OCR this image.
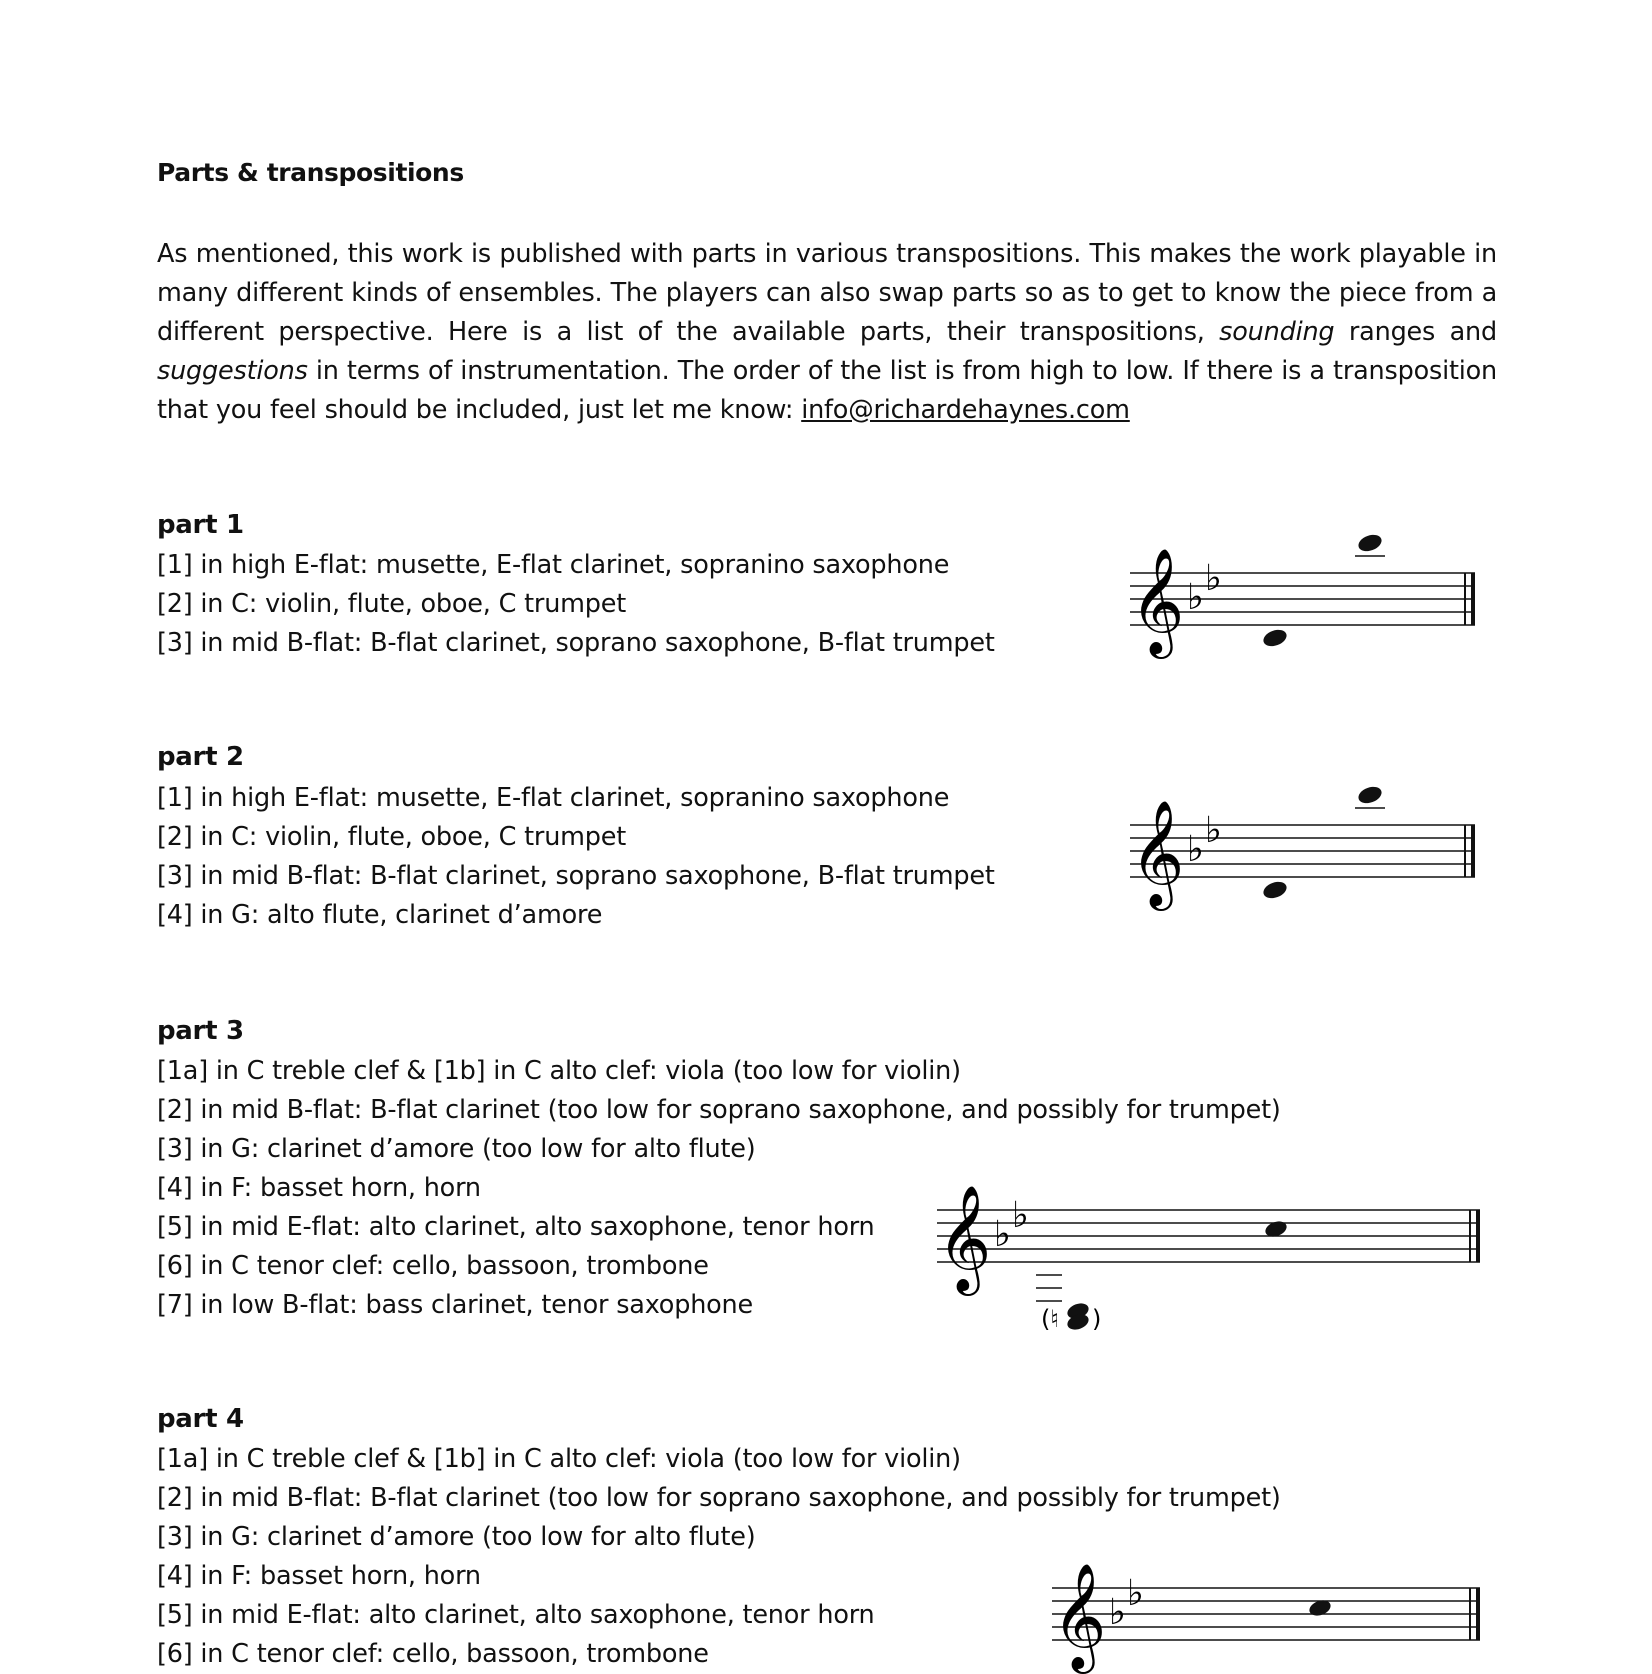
Parts & transpositions

As mentioned, this work is published with parts in various transpositions. This makes the work playable in many different kinds of ensembles. The players can also swap parts so as to get to know the piece from a different perspective. Here is a list of the available parts, their transpositions, sounding ranges and suggestions in terms of instrumentation. The order of the list is from high to low. If there is a transposition that you feel should be included, just let me know: info@richardehaynes.com

part 1
[1] in high E-flat: musette, E-flat clarinet, sopranino saxophone
[2] in C: violin, flute, oboe, C trumpet
[3] in mid B-flat: B-flat clarinet, soprano saxophone, B-flat trumpet 𝄞 ♭ ♭
part 2
[1] in high E-flat: musette, E-flat clarinet, sopranino saxophone
[2] in C: violin, flute, oboe, C trumpet
[3] in mid B-flat: B-flat clarinet, soprano saxophone, B-flat trumpet
[4] in G: alto flute, clarinet d’amore
𝄞 ♭ ♭
part 3
[1a] in C treble clef & [1b] in C alto clef: viola (too low for violin)
[2] in mid B-flat: B-flat clarinet (too low for soprano saxophone, and possibly for trumpet)
[3] in G: clarinet d’amore (too low for alto flute)
[4] in F: basset horn, horn
[5] in mid E-flat: alto clarinet, alto saxophone, tenor horn
[6] in C tenor clef: cello, bassoon, trombone
[7] in low B-flat: bass clarinet, tenor saxophone
𝄞 ♭ ♭
(♮ )
part 4
[1a] in C treble clef & [1b] in C alto clef: viola (too low for violin)
[2] in mid B-flat: B-flat clarinet (too low for soprano saxophone, and possibly for trumpet)
[3] in G: clarinet d’amore (too low for alto flute)
[4] in F: basset horn, horn
[5] in mid E-flat: alto clarinet, alto saxophone, tenor horn
[6] in C tenor clef: cello, bassoon, trombone	𝄞 ♭ ♭
